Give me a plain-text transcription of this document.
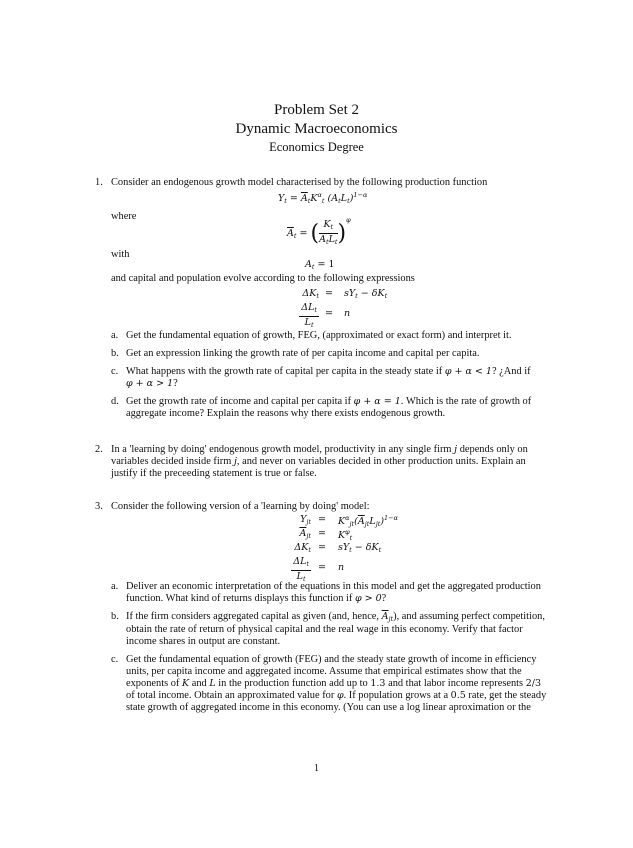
Problem Set 2
Dynamic Macroeconomics
Economics Degree
1. Consider an endogenous growth model characterised by the following production function
$Y_t = \overline{A}_tK^\alpha_t$ $(A_tL_t)^{1-\alpha}$
where
$\overline{A}_t$ = ( $\frac{K_t}{A_tL_t} )^\varphi$
with
$A_t = 1$
and capital and population evolve according to the following expressions
$\Delta K_t$ =	$sY_t - \delta K_t$
$\frac{\Delta L_t}{L_t}$ =	n
a. Get the fundamental equation of growth, FEG, (approximated or exact form) and interpret it.
b. Get an expression linking the growth rate of per capita income and capital per capita.
c. What happens with the growth rate of capital per capita in the steady state if φ + α < 1? ¿And if
φ + α > 1?
d. Get the growth rate of income and capital per capita if φ + α = 1. Which is the rate of growth of
aggregate income? Explain the reasons why there exists endogenous growth.
2. In a 'learning by doing' endogenous growth model, productivity in any single firm j depends only on
variables decided inside firm j, and never on variables decided in other production units. Explain an
justify if the preceeding statement is true or false.
3. Consider the following version of a 'learning by doing' model:
$Y_{jt}$ =	$K^\alpha_{jt}(\overline{A}_{jt}L_{jt})^{1-\alpha}$
$\overline{A}_{jt}$ =	$K^\varphi_t$
$\Delta K_t$ =	$sY_t - \delta K_t$
$\frac{\Delta L_t}{L_t}$ =	n
a. Deliver an economic interpretation of the equations in this model and get the aggregated production
function. What kind of returns displays this function if φ > 0?
b. If the firm considers aggregated capital as given (and, hence, $\overline{A}_{jt}$), and assuming perfect competition,
obtain the rate of return of physical capital and the real wage in this economy. Verify that factor
income shares in output are constant.
c. Get the fundamental equation of growth (FEG) and the steady state growth of income in efficiency
units, per capita income and aggregated income. Assume that empirical estimates show that the
exponents of K and L in the production function add up to 1.3 and that labor income represents 2/3
of total income. Obtain an approximated value for φ. If population grows at a 0.5 rate, get the steady
state growth of aggregated income in this economy. (You can use a log linear aproximation or the
1
